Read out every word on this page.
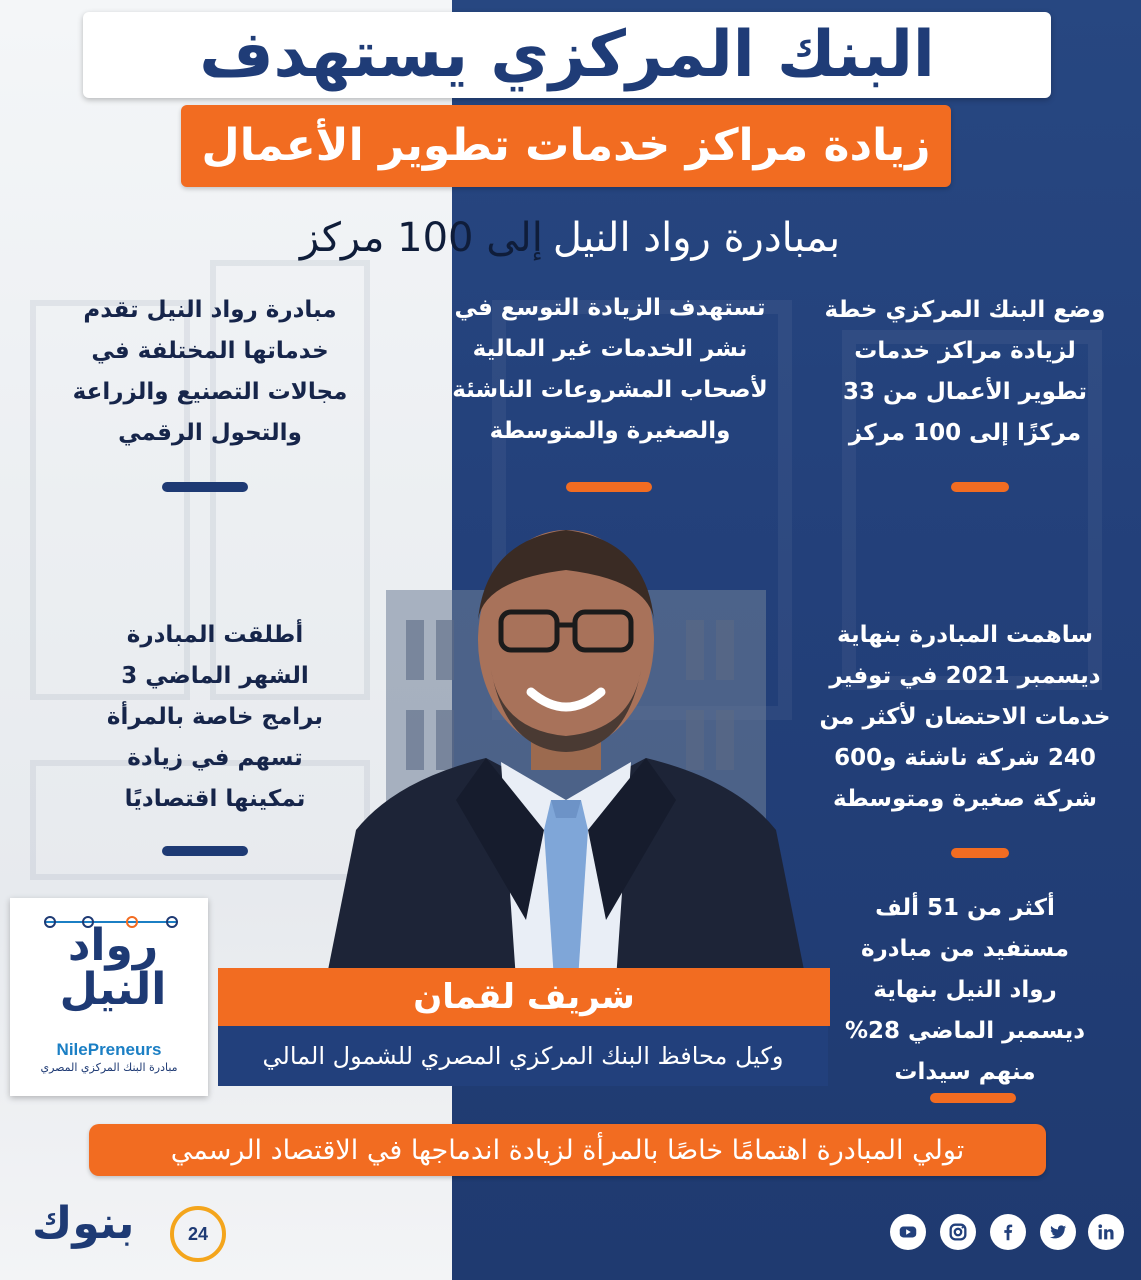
البنك المركزي يستهدف
زيادة مراكز خدمات تطوير الأعمال
بمبادرة رواد النيل
إلى 100 مركز
وضع البنك المركزي خطة
لزيادة مراكز خدمات
تطوير الأعمال من 33
مركزًا إلى 100 مركز
تستهدف الزيادة التوسع في
نشر الخدمات غير المالية
لأصحاب المشروعات الناشئة
والصغيرة والمتوسطة
مبادرة رواد النيل تقدم
خدماتها المختلفة في
مجالات التصنيع والزراعة
والتحول الرقمي
أطلقت المبادرة
الشهر الماضي 3
برامج خاصة بالمرأة
تسهم في زيادة
تمكينها اقتصاديًا
ساهمت المبادرة بنهاية
ديسمبر 2021 في توفير
خدمات الاحتضان لأكثر من
240 شركة ناشئة و600
شركة صغيرة ومتوسطة
أكثر من 51 ألف
مستفيد من مبادرة
رواد النيل بنهاية
ديسمبر الماضي 28%
منهم سيدات
شريف لقمان
وكيل محافظ البنك المركزي المصري للشمول المالي
رواد
النيل
NilePreneurs
مبادرة البنك المركزي المصري
تولي المبادرة اهتمامًا خاصًا بالمرأة لزيادة اندماجها في الاقتصاد الرسمي
بنوك	24
